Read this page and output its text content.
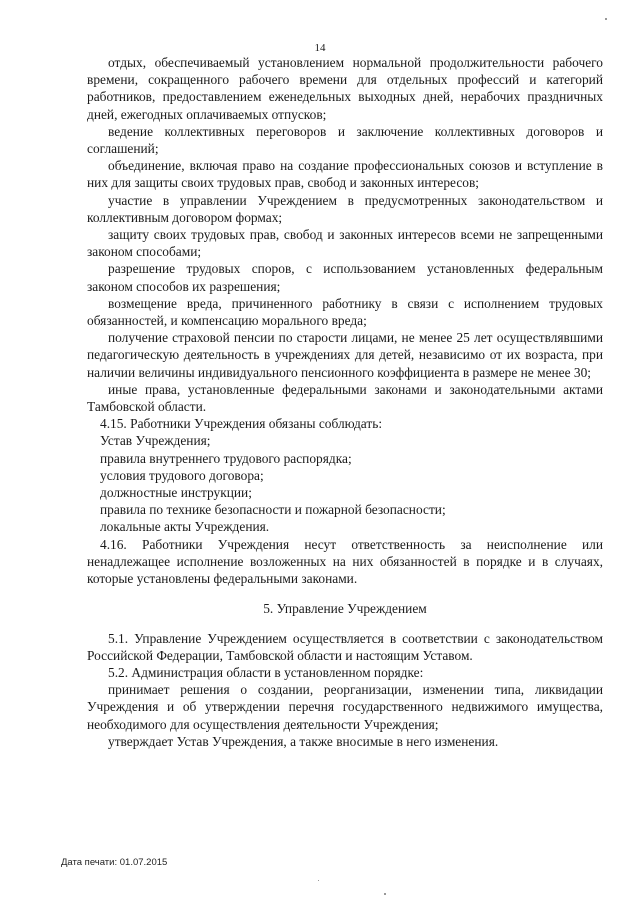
14

отдых, обеспечиваемый установлением нормальной продолжительности рабочего времени, сокращенного рабочего времени для отдельных профессий и категорий работников, предоставлением еженедельных выходных дней, нерабочих праздничных дней, ежегодных оплачиваемых отпусков;

ведение коллективных переговоров и заключение коллективных договоров и соглашений;

объединение, включая право на создание профессиональных союзов и вступление в них для защиты своих трудовых прав, свобод и законных интересов;

участие в управлении Учреждением в предусмотренных законодательством и коллективным договором формах;

защиту своих трудовых прав, свобод и законных интересов всеми не запрещенными законом способами;

разрешение трудовых споров, с использованием установленных федеральным законом способов их разрешения;

возмещение вреда, причиненного работнику в связи с исполнением трудовых обязанностей, и компенсацию морального вреда;

получение страховой пенсии по старости лицами, не менее 25 лет осуществлявшими педагогическую деятельность в учреждениях для детей, независимо от их возраста, при наличии величины индивидуального пенсионного коэффициента в размере не менее 30;

иные права, установленные федеральными законами и законодательными актами Тамбовской области.

4.15. Работники Учреждения обязаны соблюдать:

Устав Учреждения;

правила внутреннего трудового распорядка;

условия трудового договора;

должностные инструкции;

правила по технике безопасности и пожарной безопасности;

локальные акты Учреждения.

4.16. Работники Учреждения несут ответственность за неисполнение или ненадлежащее исполнение возложенных на них обязанностей в порядке и в случаях, которые установлены федеральными законами.

5. Управление Учреждением

5.1. Управление Учреждением осуществляется в соответствии с законодательством Российской Федерации, Тамбовской области и настоящим Уставом.

5.2. Администрация области в установленном порядке:

принимает решения о создании, реорганизации, изменении типа, ликвидации Учреждения и об утверждении перечня государственного недвижимого имущества, необходимого для осуществления деятельности Учреждения;

утверждает Устав Учреждения, а также вносимые в него изменения.

Дата печати: 01.07.2015
